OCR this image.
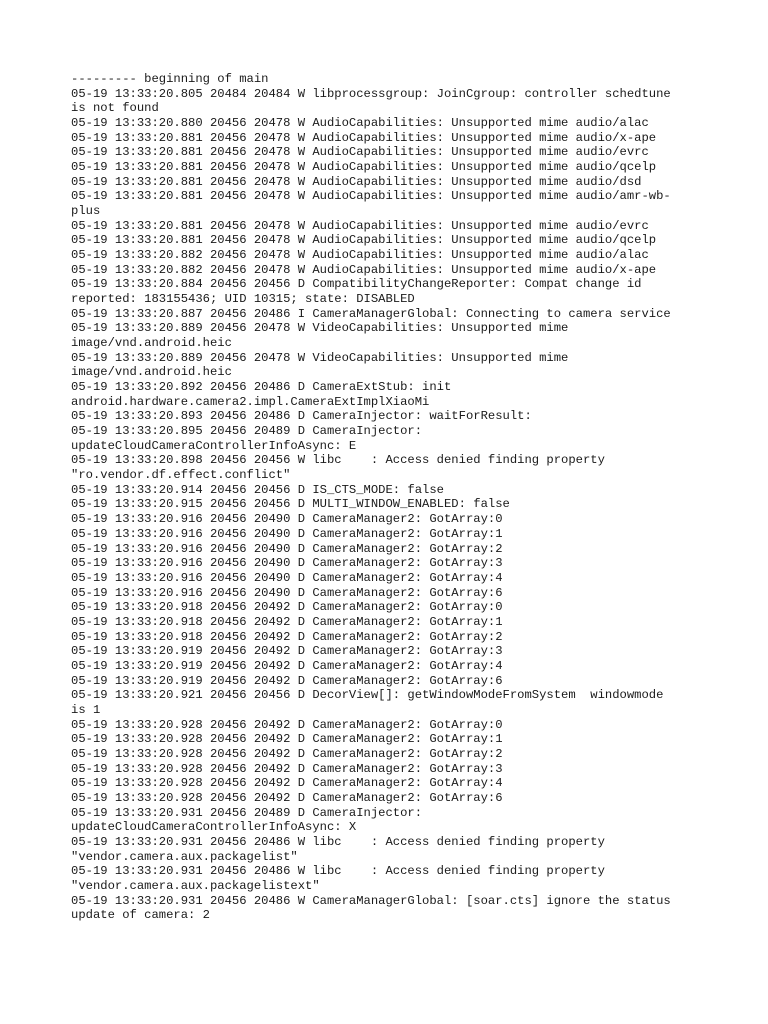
--------- beginning of main
05-19 13:33:20.805 20484 20484 W libprocessgroup: JoinCgroup: controller schedtune
is not found
05-19 13:33:20.880 20456 20478 W AudioCapabilities: Unsupported mime audio/alac
05-19 13:33:20.881 20456 20478 W AudioCapabilities: Unsupported mime audio/x-ape
05-19 13:33:20.881 20456 20478 W AudioCapabilities: Unsupported mime audio/evrc
05-19 13:33:20.881 20456 20478 W AudioCapabilities: Unsupported mime audio/qcelp
05-19 13:33:20.881 20456 20478 W AudioCapabilities: Unsupported mime audio/dsd
05-19 13:33:20.881 20456 20478 W AudioCapabilities: Unsupported mime audio/amr-wb-
plus
05-19 13:33:20.881 20456 20478 W AudioCapabilities: Unsupported mime audio/evrc
05-19 13:33:20.881 20456 20478 W AudioCapabilities: Unsupported mime audio/qcelp
05-19 13:33:20.882 20456 20478 W AudioCapabilities: Unsupported mime audio/alac
05-19 13:33:20.882 20456 20478 W AudioCapabilities: Unsupported mime audio/x-ape
05-19 13:33:20.884 20456 20456 D CompatibilityChangeReporter: Compat change id
reported: 183155436; UID 10315; state: DISABLED
05-19 13:33:20.887 20456 20486 I CameraManagerGlobal: Connecting to camera service
05-19 13:33:20.889 20456 20478 W VideoCapabilities: Unsupported mime
image/vnd.android.heic
05-19 13:33:20.889 20456 20478 W VideoCapabilities: Unsupported mime
image/vnd.android.heic
05-19 13:33:20.892 20456 20486 D CameraExtStub: init
android.hardware.camera2.impl.CameraExtImplXiaoMi
05-19 13:33:20.893 20456 20486 D CameraInjector: waitForResult:
05-19 13:33:20.895 20456 20489 D CameraInjector:
updateCloudCameraControllerInfoAsync: E
05-19 13:33:20.898 20456 20456 W libc    : Access denied finding property
"ro.vendor.df.effect.conflict"
05-19 13:33:20.914 20456 20456 D IS_CTS_MODE: false
05-19 13:33:20.915 20456 20456 D MULTI_WINDOW_ENABLED: false
05-19 13:33:20.916 20456 20490 D CameraManager2: GotArray:0
05-19 13:33:20.916 20456 20490 D CameraManager2: GotArray:1
05-19 13:33:20.916 20456 20490 D CameraManager2: GotArray:2
05-19 13:33:20.916 20456 20490 D CameraManager2: GotArray:3
05-19 13:33:20.916 20456 20490 D CameraManager2: GotArray:4
05-19 13:33:20.916 20456 20490 D CameraManager2: GotArray:6
05-19 13:33:20.918 20456 20492 D CameraManager2: GotArray:0
05-19 13:33:20.918 20456 20492 D CameraManager2: GotArray:1
05-19 13:33:20.918 20456 20492 D CameraManager2: GotArray:2
05-19 13:33:20.919 20456 20492 D CameraManager2: GotArray:3
05-19 13:33:20.919 20456 20492 D CameraManager2: GotArray:4
05-19 13:33:20.919 20456 20492 D CameraManager2: GotArray:6
05-19 13:33:20.921 20456 20456 D DecorView[]: getWindowModeFromSystem  windowmode
is 1
05-19 13:33:20.928 20456 20492 D CameraManager2: GotArray:0
05-19 13:33:20.928 20456 20492 D CameraManager2: GotArray:1
05-19 13:33:20.928 20456 20492 D CameraManager2: GotArray:2
05-19 13:33:20.928 20456 20492 D CameraManager2: GotArray:3
05-19 13:33:20.928 20456 20492 D CameraManager2: GotArray:4
05-19 13:33:20.928 20456 20492 D CameraManager2: GotArray:6
05-19 13:33:20.931 20456 20489 D CameraInjector:
updateCloudCameraControllerInfoAsync: X
05-19 13:33:20.931 20456 20486 W libc    : Access denied finding property
"vendor.camera.aux.packagelist"
05-19 13:33:20.931 20456 20486 W libc    : Access denied finding property
"vendor.camera.aux.packagelistext"
05-19 13:33:20.931 20456 20486 W CameraManagerGlobal: [soar.cts] ignore the status
update of camera: 2
